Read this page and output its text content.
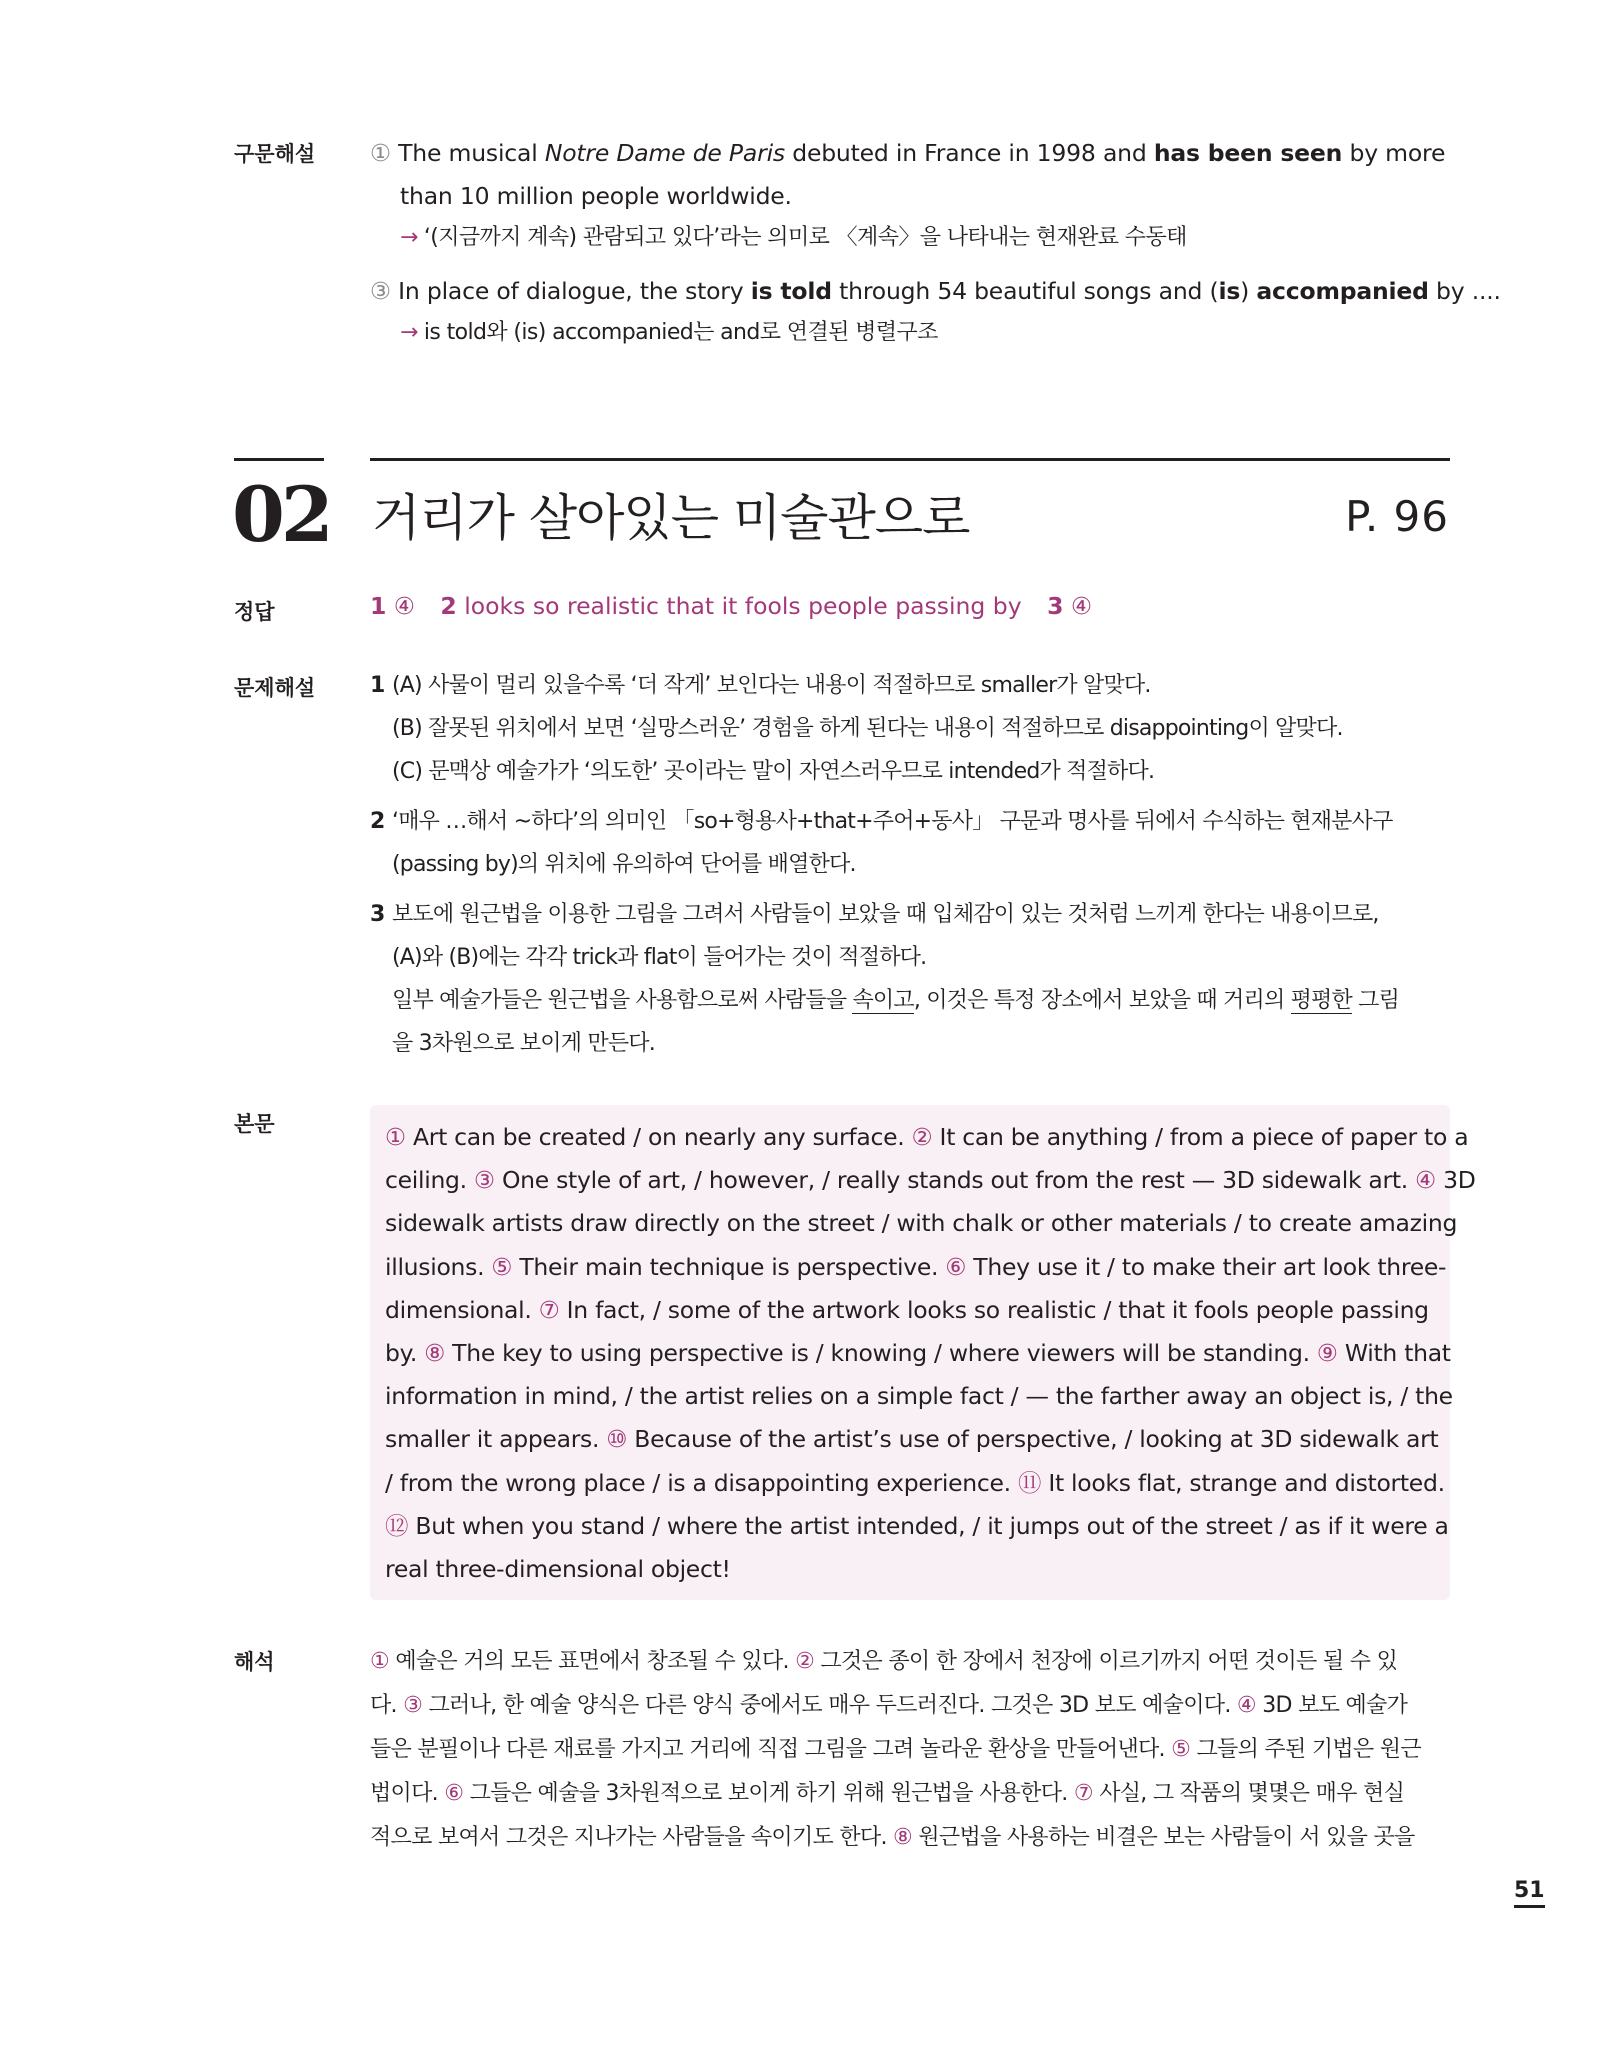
구문해설 ① The musical Notre Dame de Paris debuted in France in 1998 and has been seen by more
than 10 million people worldwide.
→ ‘(지금까지 계속) 관람되고 있다’라는 의미로 〈계속〉을 나타내는 현재완료 수동태
③ In place of dialogue, the story is told through 54 beautiful songs and (is) accompanied by ....
→ is told와 (is) accompanied는 and로 연결된 병렬구조
02 거리가 살아있는 미술관으로	P. 96
정답	1 ④ 2 looks so realistic that it fools people passing by 3 ④
문제해설 1 (A) 사물이 멀리 있을수록 ‘더 작게’ 보인다는 내용이 적절하므로 smaller가 알맞다.
(B) 잘못된 위치에서 보면 ‘실망스러운’ 경험을 하게 된다는 내용이 적절하므로 disappointing이 알맞다.
(C) 문맥상 예술가가 ‘의도한’ 곳이라는 말이 자연스러우므로 intended가 적절하다.
2 ‘매우 …해서 ~하다’의 의미인 「so+형용사+that+주어+동사」 구문과 명사를 뒤에서 수식하는 현재분사구
(passing by)의 위치에 유의하여 단어를 배열한다.
3 보도에 원근법을 이용한 그림을 그려서 사람들이 보았을 때 입체감이 있는 것처럼 느끼게 한다는 내용이므로,
(A)와 (B)에는 각각 trick과 flat이 들어가는 것이 적절하다.
일부 예술가들은 원근법을 사용함으로써 사람들을 속이고, 이것은 특정 장소에서 보았을 때 거리의 평평한 그림
을 3차원으로 보이게 만든다.
본문	① Art can be created / on nearly any surface. ② It can be anything / from a piece of paper to a
ceiling. ③ One style of art, / however, / really stands out from the rest — 3D sidewalk art. ④ 3D
sidewalk artists draw directly on the street / with chalk or other materials / to create amazing
illusions. ⑤ Their main technique is perspective. ⑥ They use it / to make their art look three-
dimensional. ⑦ In fact, / some of the artwork looks so realistic / that it fools people passing
by. ⑧ The key to using perspective is / knowing / where viewers will be standing. ⑨ With that
information in mind, / the artist relies on a simple fact / — the farther away an object is, / the
smaller it appears. ⑩ Because of the artist’s use of perspective, / looking at 3D sidewalk art
/ from the wrong place / is a disappointing experience. ⑪ It looks flat, strange and distorted.
⑫ But when you stand / where the artist intended, / it jumps out of the street / as if it were a
real three-dimensional object!
해석	① 예술은 거의 모든 표면에서 창조될 수 있다. ② 그것은 종이 한 장에서 천장에 이르기까지 어떤 것이든 될 수 있
다. ③ 그러나, 한 예술 양식은 다른 양식 중에서도 매우 두드러진다. 그것은 3D 보도 예술이다. ④ 3D 보도 예술가
들은 분필이나 다른 재료를 가지고 거리에 직접 그림을 그려 놀라운 환상을 만들어낸다. ⑤ 그들의 주된 기법은 원근
법이다. ⑥ 그들은 예술을 3차원적으로 보이게 하기 위해 원근법을 사용한다. ⑦ 사실, 그 작품의 몇몇은 매우 현실
적으로 보여서 그것은 지나가는 사람들을 속이기도 한다. ⑧ 원근법을 사용하는 비결은 보는 사람들이 서 있을 곳을
51
